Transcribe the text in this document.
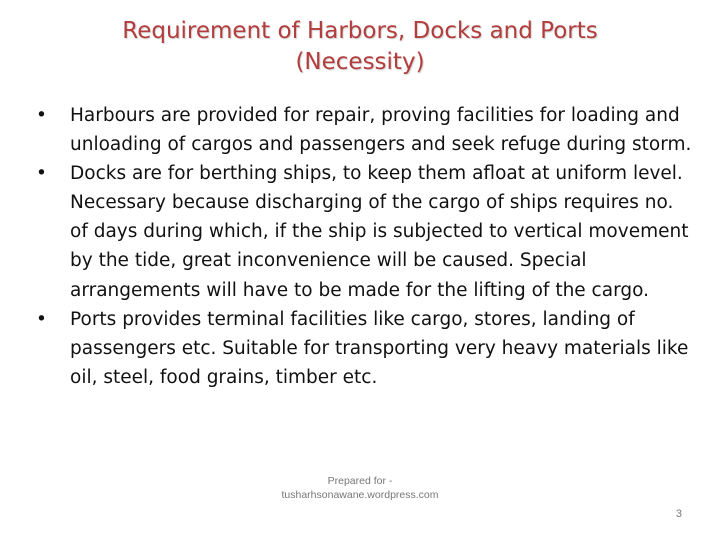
Requirement of Harbors, Docks and Ports
(Necessity)
• Harbours are provided for repair, proving facilities for loading and unloading of cargos and passengers and seek refuge during storm.
• Docks are for berthing ships, to keep them afloat at uniform level. Necessary because discharging of the cargo of ships requires no. of days during which, if the ship is subjected to vertical movement by the tide, great inconvenience will be caused. Special arrangements will have to be made for the lifting of the cargo.
• Ports provides terminal facilities like cargo, stores, landing of passengers etc. Suitable for transporting very heavy materials like oil, steel, food grains, timber etc.
Prepared for -
tusharhsonawane.wordpress.com
3
